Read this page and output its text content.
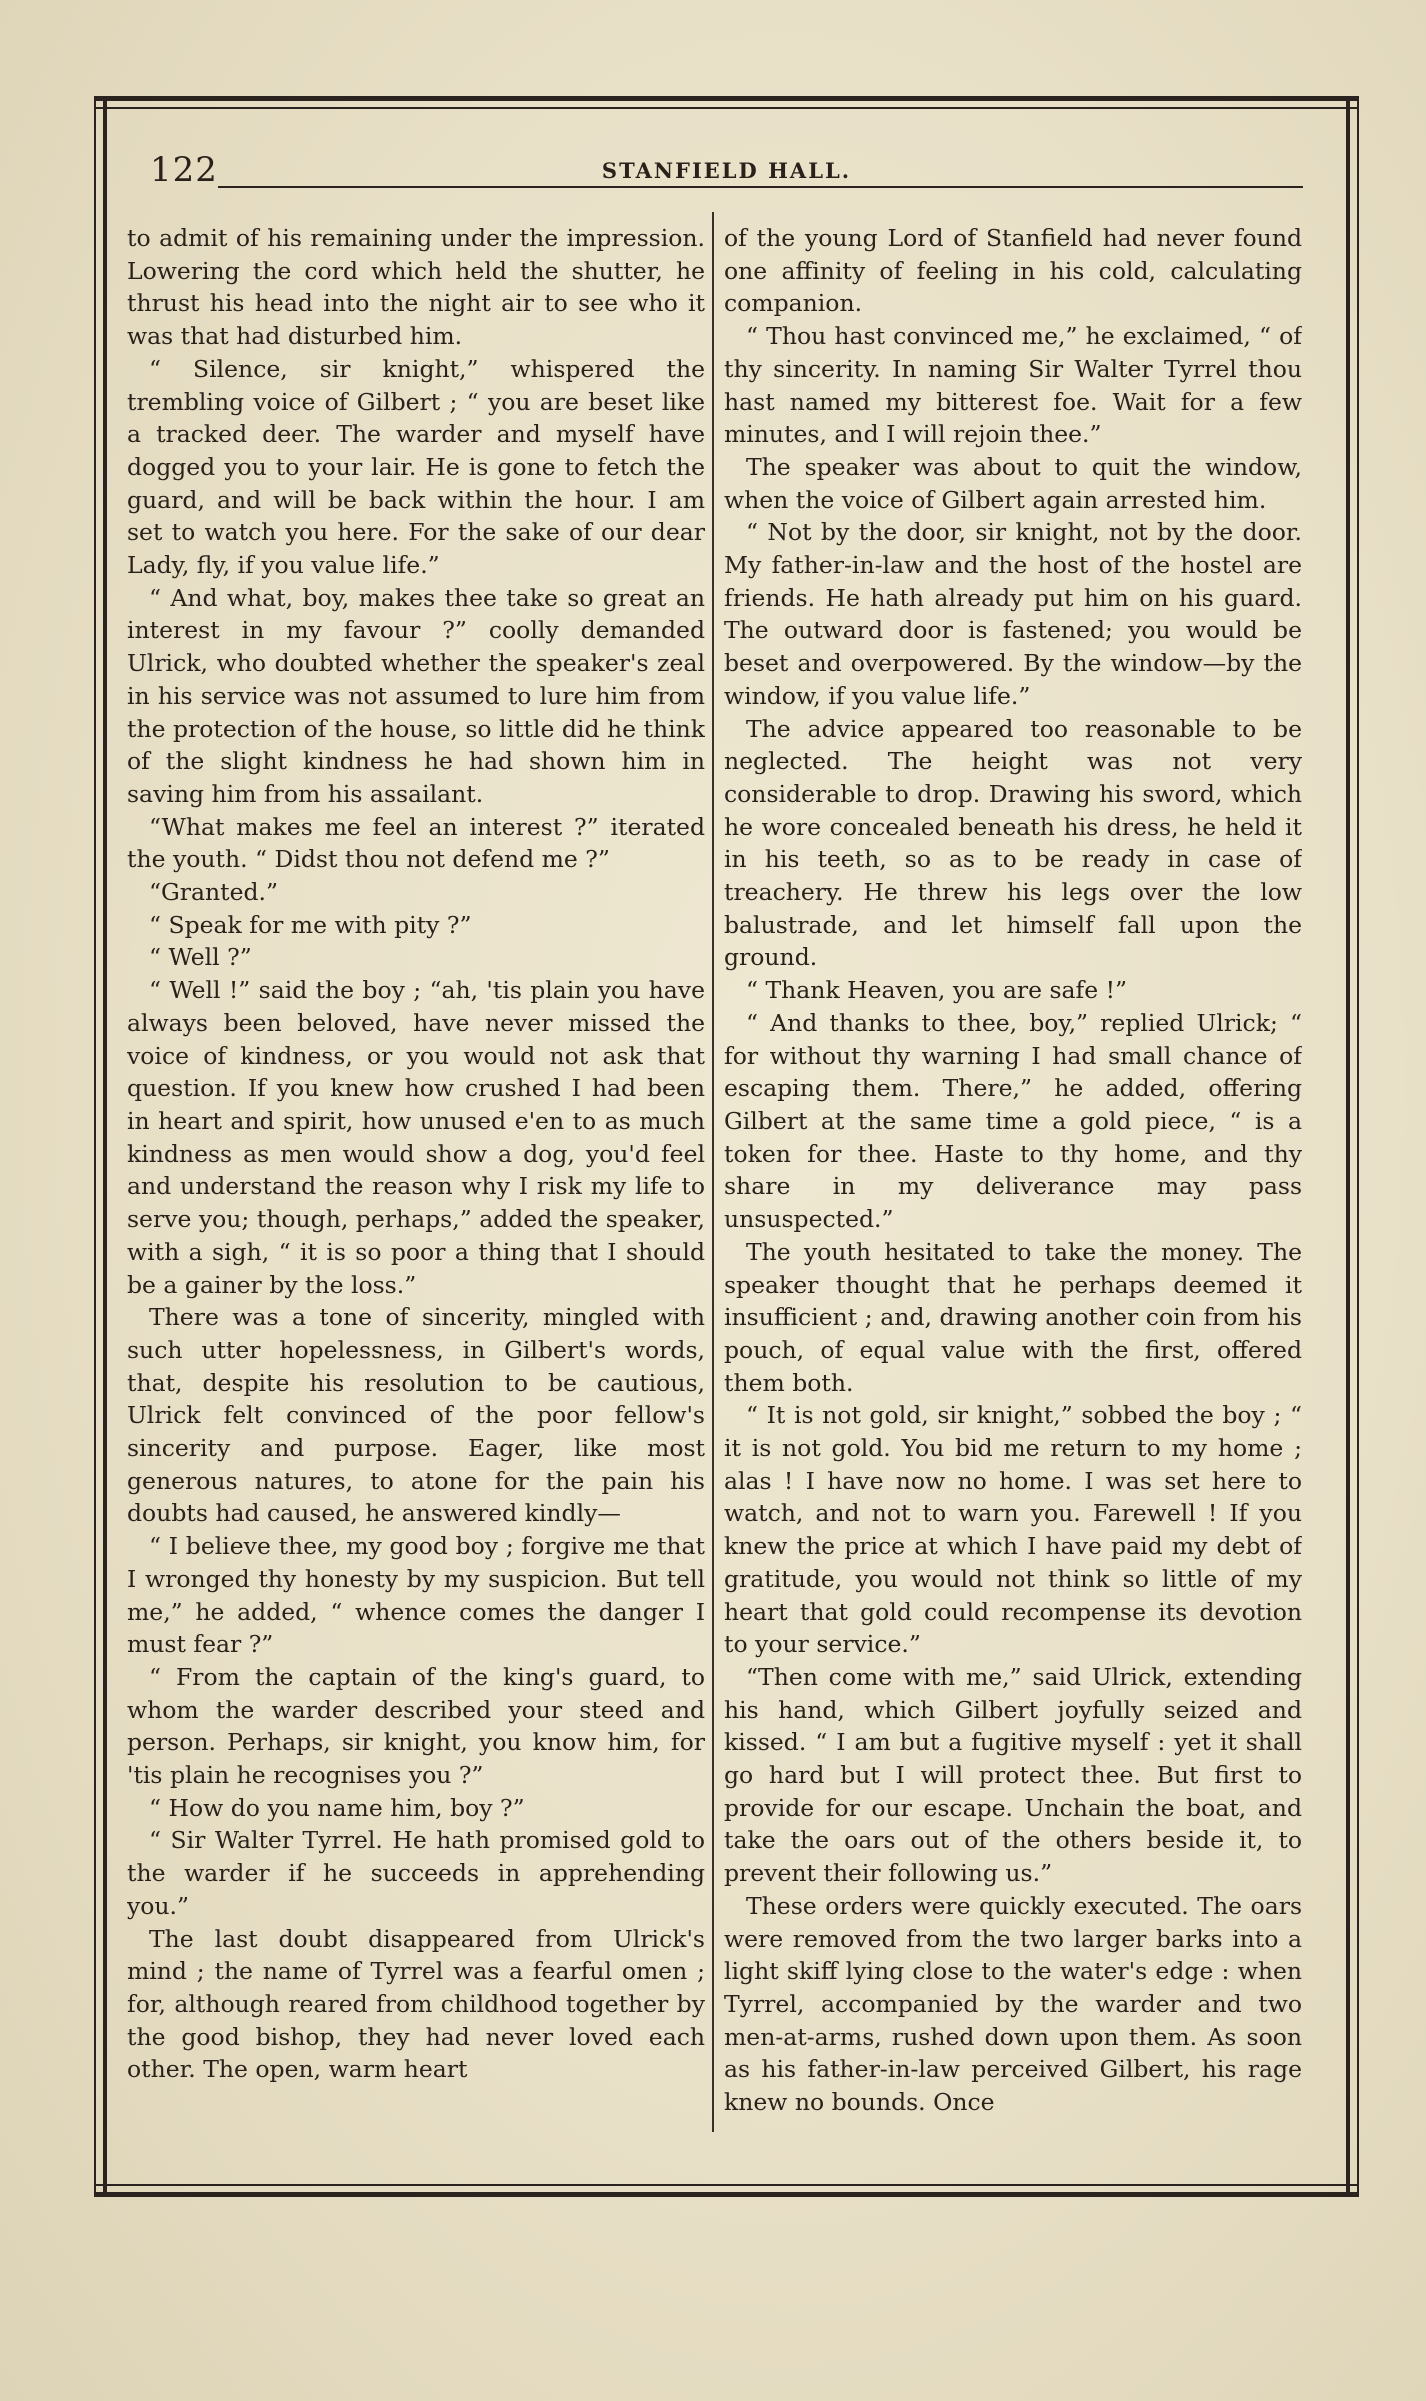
122	STANFIELD HALL.

to admit of his remaining under the impression. Lowering the cord which held the shutter, he thrust his head into the night air to see who it was that had disturbed him.

“ Silence, sir knight,” whispered the trembling voice of Gilbert ; “ you are beset like a tracked deer. The warder and myself have dogged you to your lair. He is gone to fetch the guard, and will be back within the hour. I am set to watch you here. For the sake of our dear Lady, fly, if you value life.”

“ And what, boy, makes thee take so great an interest in my favour ?” coolly demanded Ulrick, who doubted whether the speaker's zeal in his service was not assumed to lure him from the protection of the house, so little did he think of the slight kindness he had shown him in saving him from his assailant.

“What makes me feel an interest ?” iterated the youth. “ Didst thou not defend me ?”

“Granted.”

“ Speak for me with pity ?”

“ Well ?”

“ Well !” said the boy ; “ah, 'tis plain you have always been beloved, have never missed the voice of kindness, or you would not ask that question. If you knew how crushed I had been in heart and spirit, how unused e'en to as much kindness as men would show a dog, you'd feel and understand the reason why I risk my life to serve you; though, perhaps,” added the speaker, with a sigh, “ it is so poor a thing that I should be a gainer by the loss.”

There was a tone of sincerity, mingled with such utter hopelessness, in Gilbert's words, that, despite his resolution to be cautious, Ulrick felt convinced of the poor fellow's sincerity and purpose. Eager, like most generous natures, to atone for the pain his doubts had caused, he answered kindly—

“ I believe thee, my good boy ; forgive me that I wronged thy honesty by my suspicion. But tell me,” he added, “ whence comes the danger I must fear ?”

“ From the captain of the king's guard, to whom the warder described your steed and person. Perhaps, sir knight, you know him, for 'tis plain he recognises you ?”

“ How do you name him, boy ?”

“ Sir Walter Tyrrel. He hath promised gold to the warder if he succeeds in apprehending you.”

The last doubt disappeared from Ulrick's mind ; the name of Tyrrel was a fearful omen ; for, although reared from childhood together by the good bishop, they had never loved each other. The open, warm heart

of the young Lord of Stanfield had never found one affinity of feeling in his cold, calculating companion.

“ Thou hast convinced me,” he exclaimed, “ of thy sincerity. In naming Sir Walter Tyrrel thou hast named my bitterest foe. Wait for a few minutes, and I will rejoin thee.”

The speaker was about to quit the window, when the voice of Gilbert again arrested him.

“ Not by the door, sir knight, not by the door. My father-in-law and the host of the hostel are friends. He hath already put him on his guard. The outward door is fastened; you would be beset and overpowered. By the window—by the window, if you value life.”

The advice appeared too reasonable to be neglected. The height was not very considerable to drop. Drawing his sword, which he wore concealed beneath his dress, he held it in his teeth, so as to be ready in case of treachery. He threw his legs over the low balustrade, and let himself fall upon the ground.

“ Thank Heaven, you are safe !”

“ And thanks to thee, boy,” replied Ulrick; “ for without thy warning I had small chance of escaping them. There,” he added, offering Gilbert at the same time a gold piece, “ is a token for thee. Haste to thy home, and thy share in my deliverance may pass unsuspected.”

The youth hesitated to take the money. The speaker thought that he perhaps deemed it insufficient ; and, drawing another coin from his pouch, of equal value with the first, offered them both.

“ It is not gold, sir knight,” sobbed the boy ; “ it is not gold. You bid me return to my home ; alas ! I have now no home. I was set here to watch, and not to warn you. Farewell ! If you knew the price at which I have paid my debt of gratitude, you would not think so little of my heart that gold could recompense its devotion to your service.”

“Then come with me,” said Ulrick, extending his hand, which Gilbert joyfully seized and kissed. “ I am but a fugitive myself : yet it shall go hard but I will protect thee. But first to provide for our escape. Unchain the boat, and take the oars out of the others beside it, to prevent their following us.”

These orders were quickly executed. The oars were removed from the two larger barks into a light skiff lying close to the water's edge : when Tyrrel, accompanied by the warder and two men-at-arms, rushed down upon them. As soon as his father-in-law perceived Gilbert, his rage knew no bounds. Once
